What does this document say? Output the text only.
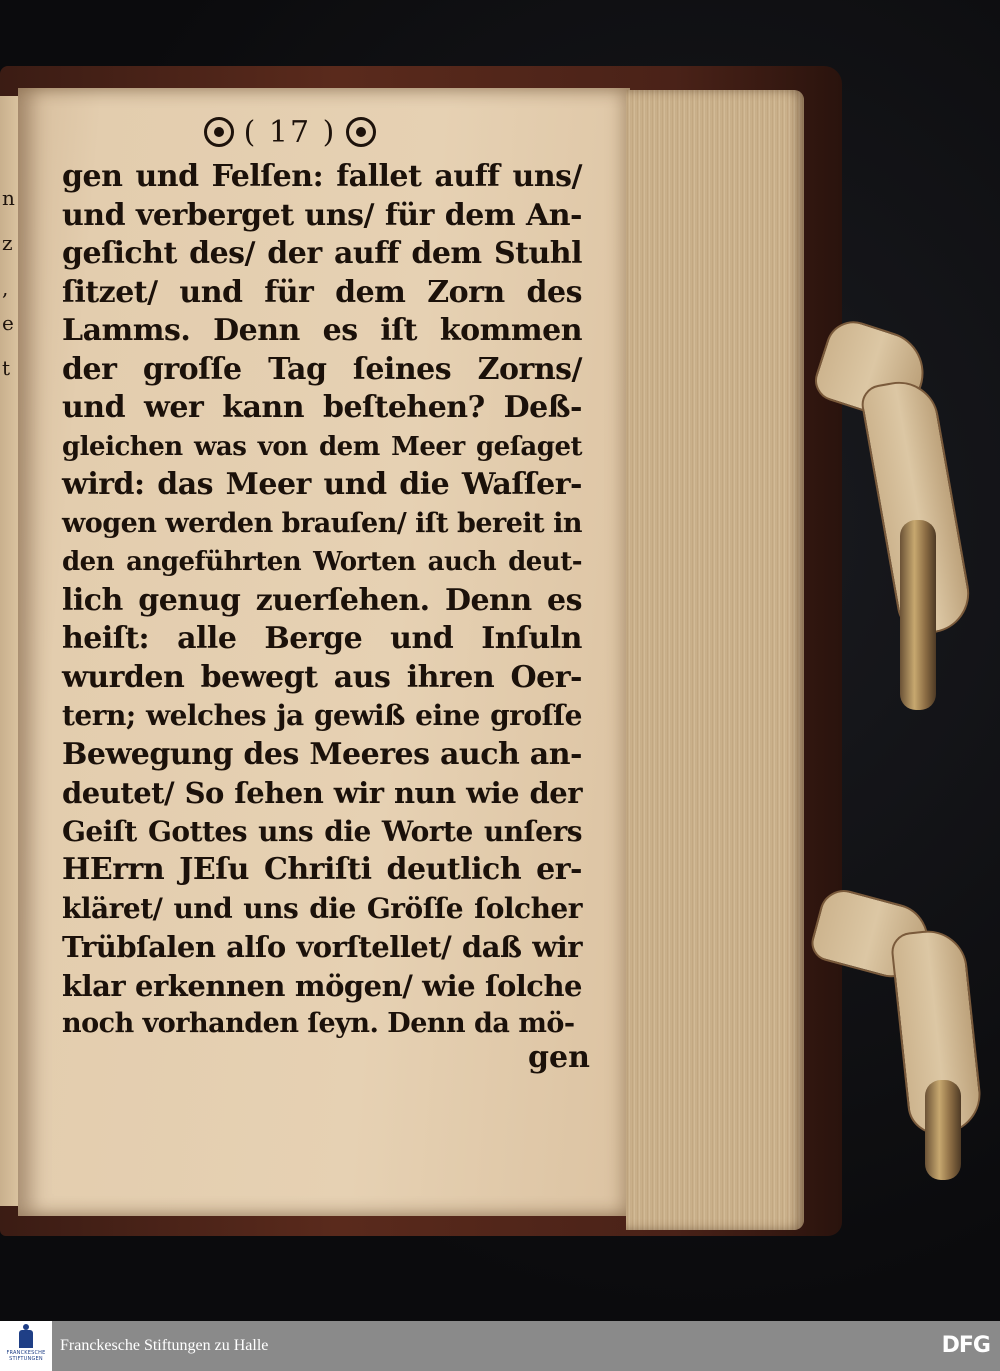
n
z
,
e
t
( 17 )
gen und Felſen: fallet auff uns/
und verberget uns/ für dem An-
geſicht des/ der auff dem Stuhl
ſitzet/ und für dem Zorn des
Lamms. Denn es iſt kommen
der groſſe Tag ſeines Zorns/
und wer kann beſtehen? Deß-
gleichen was von dem Meer geſaget
wird: das Meer und die Waſſer-
wogen werden brauſen/ iſt bereit in
den angeführten Worten auch deut-
lich genug zuerſehen. Denn es
heiſt: alle Berge und Inſuln
wurden bewegt aus ihren Oer-
tern; welches ja gewiß eine groſſe
Bewegung des Meeres auch an-
deutet/ So ſehen wir nun wie der
Geiſt Gottes uns die Worte unſers
HErrn JEſu Chriſti deutlich er-
kläret/ und uns die Gröſſe ſolcher
Trübſalen alſo vorſtellet/ daß wir
klar erkennen mögen/ wie ſolche
noch vorhanden ſeyn. Denn da mö-
gen
FRANCKESCHE
STIFTUNGEN
Franckesche Stiftungen zu Halle	DFG
